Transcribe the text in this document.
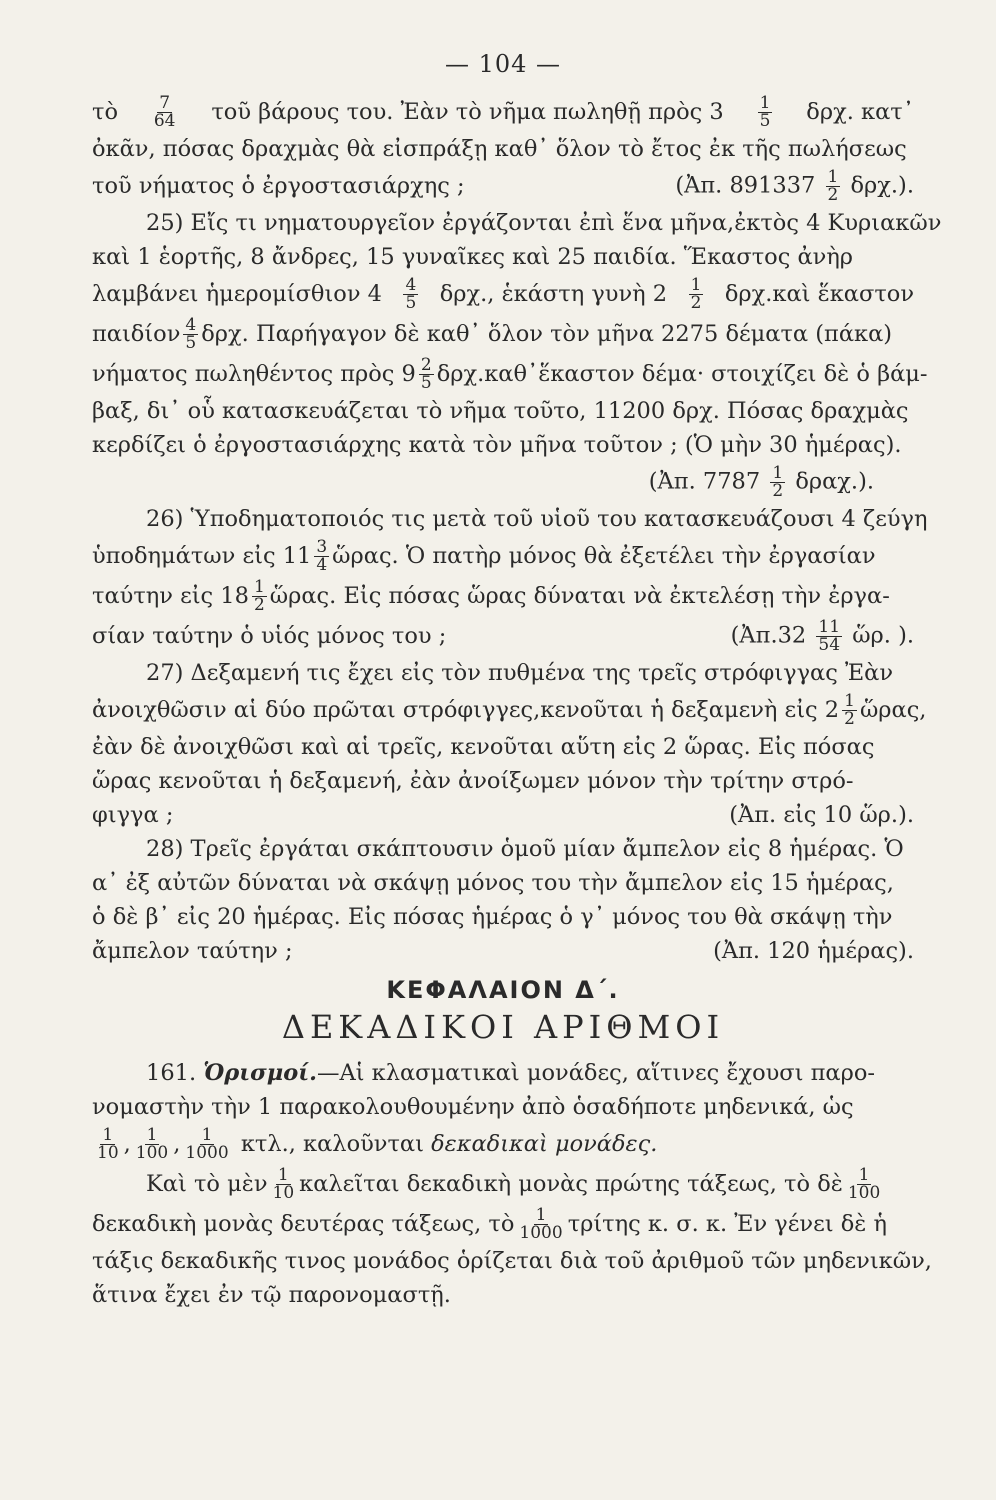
— 104 —
τὸ 7
64 τοῦ βάρους του. Ἐὰν τὸ νῆμα πωληθῇ πρὸς 3 1
5 δρχ. κατ᾽
ὀκᾶν, πόσας δραχμὰς θὰ εἰσπράξῃ καθ᾽ ὅλον τὸ ἔτος ἐκ τῆς πωλήσεως
τοῦ νήματος ὁ ἐργοστασιάρχης ;	(Ἀπ. $891337 \frac{1}{2} \delta\rho\chi$.).
25) Εἴς τι νηματουργεῖον ἐργάζονται ἐπὶ ἕνα μῆνα,ἐκτὸς 4 Κυριακῶν
καὶ 1 ἑορτῆς, 8 ἄνδρες, 15 γυναῖκες καὶ 25 παιδία. Ἕκαστος ἀνὴρ
λαμβάνει ἡμερομίσθιον 4 4
5 δρχ., ἑκάστη γυνὴ 2 1
2 δρχ.καὶ ἕκαστον
παιδίον 4
5 δρχ. Παρήγαγον δὲ καθ᾽ ὅλον τὸν μῆνα 2275 δέματα (πάκα)
νήματος πωληθέντος πρὸς 9 2
5 δρχ.καθ᾽ἕκαστον δέμα· στοιχίζει δὲ ὁ βάμ-
βαξ, δι᾽ οὗ κατασκευάζεται τὸ νῆμα τοῦτο, 11200 δρχ. Πόσας δραχμὰς
κερδίζει ὁ ἐργοστασιάρχης κατὰ τὸν μῆνα τοῦτον ; (Ὁ μὴν 30 ἡμέρας).
(Ἀπ. $7787 \frac{1}{2} \delta\rho\alpha\chi$.).
26) Ὑποδηματοποιός τις μετὰ τοῦ υἱοῦ του κατασκευάζουσι 4 ζεύγη
ὑποδημάτων εἰς 11 3
4 ὥρας. Ὁ πατὴρ μόνος θὰ ἐξετέλει τὴν ἐργασίαν
ταύτην εἰς 18 1
2 ὥρας. Εἰς πόσας ὥρας δύναται νὰ ἐκτελέσῃ τὴν ἐργα-
σίαν ταύτην ὁ υἱός μόνος του ;	(Ἀπ.32 $\frac{11}{54}$ ὥρ. ).
27) Δεξαμενή τις ἔχει εἰς τὸν πυθμένα της τρεῖς στρόφιγγας Ἐὰν
ἀνοιχθῶσιν αἱ δύο πρῶται στρόφιγγες,κενοῦται ἡ δεξαμενὴ εἰς 2 1
2 ὥρας,
ἐὰν δὲ ἀνοιχθῶσι καὶ αἱ τρεῖς, κενοῦται αὕτη εἰς 2 ὥρας. Εἰς πόσας
ὥρας κενοῦται ἡ δεξαμενή, ἐὰν ἀνοίξωμεν μόνον τὴν τρίτην στρό-
φιγγα ;	(Ἀπ. εἰς 10 ὥρ.).
28) Τρεῖς ἐργάται σκάπτουσιν ὁμοῦ μίαν ἄμπελον εἰς 8 ἡμέρας. Ὁ
α᾽ ἐξ αὐτῶν δύναται νὰ σκάψῃ μόνος του τὴν ἄμπελον εἰς 15 ἡμέρας,
ὁ δὲ β᾽ εἰς 20 ἡμέρας. Εἰς πόσας ἡμέρας ὁ γ᾽ μόνος του θὰ σκάψῃ τὴν
ἄμπελον ταύτην ;	(Ἀπ. 120 ἡμέρας).
ΚΕΦΑΛΑΙΟΝ Δ΄.
ΔΕΚΑΔΙΚΟΙ ΑΡΙΘΜΟΙ
161.
Ὁρισμοί. — Αἱ κλασματικαὶ μονάδες, αἵτινες ἔχουσι παρο-
νομαστὴν τὴν 1 παρακολουθουμένην ἀπὸ ὁσαδήποτε μηδενικά, ὡς
1
10 , 1
100 , 1
1000
κτλ., καλοῦνται
δεκαδικαὶ μονάδες.
Καὶ τὸ μὲν 1
10 καλεῖται δεκαδικὴ μονὰς πρώτης τάξεως, τὸ δὲ 1
100
δεκαδικὴ μονὰς δευτέρας τάξεως, τὸ 1
1000 τρίτης κ. σ. κ. Ἐν γένει δὲ ἡ
τάξις δεκαδικῆς τινος μονάδος ὁρίζεται διὰ τοῦ ἀριθμοῦ τῶν μηδενικῶν,
ἅτινα ἔχει ἐν τῷ παρονομαστῇ.
